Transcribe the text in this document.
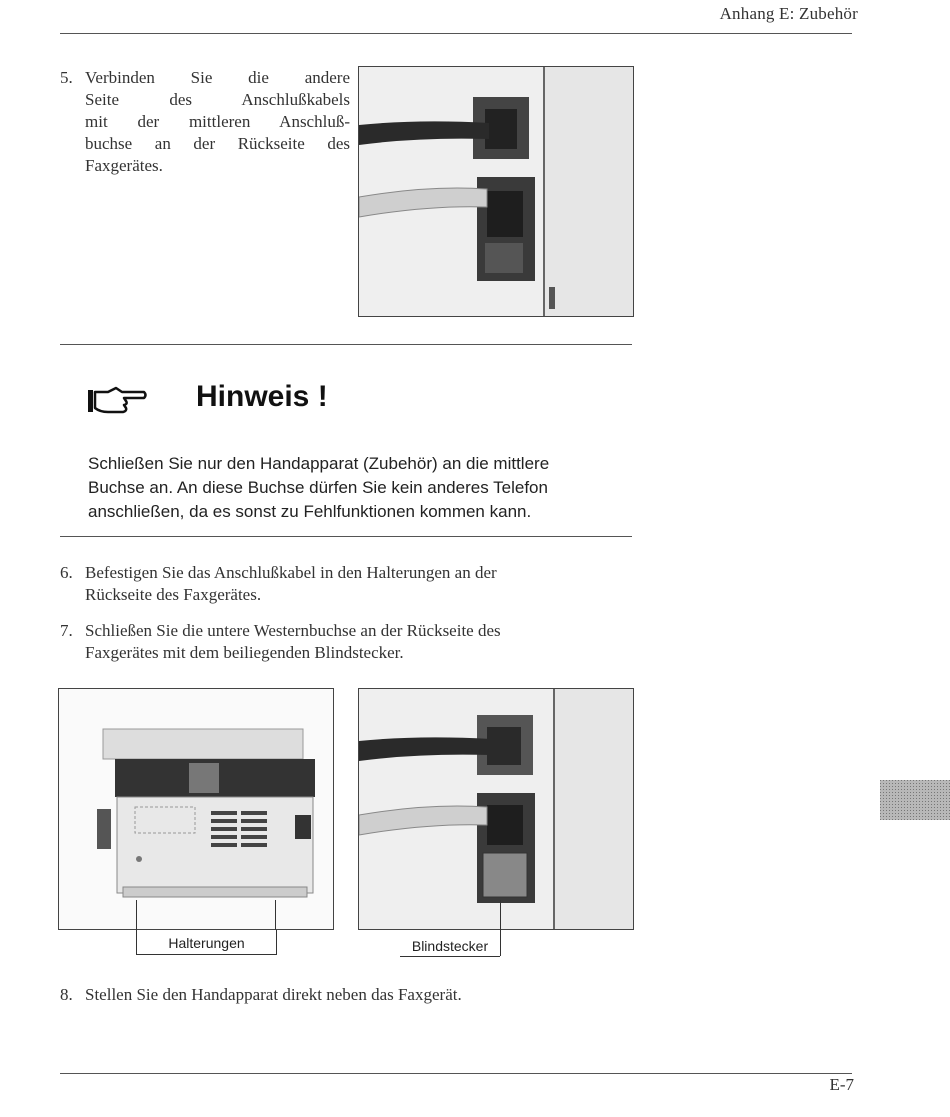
Anhang E: Zubehör
5. Verbinden Sie die andere
Seite des Anschlußkabels
mit der mittleren Anschluß-
buchse an der Rückseite des
Faxgerätes.
Hinweis !
Schließen Sie nur den Handapparat (Zubehör) an die mittlere
Buchse an. An diese Buchse dürfen Sie kein anderes Telefon
anschließen, da es sonst zu Fehlfunktionen kommen kann.
6. Befestigen Sie das Anschlußkabel in den Halterungen an der
Rückseite des Faxgerätes.
7. Schließen Sie die untere Westernbuchse an der Rückseite des
Faxgerätes mit dem beiliegenden Blindstecker.
Halterungen	Blindstecker
8. Stellen Sie den Handapparat direkt neben das Faxgerät.
E-7
